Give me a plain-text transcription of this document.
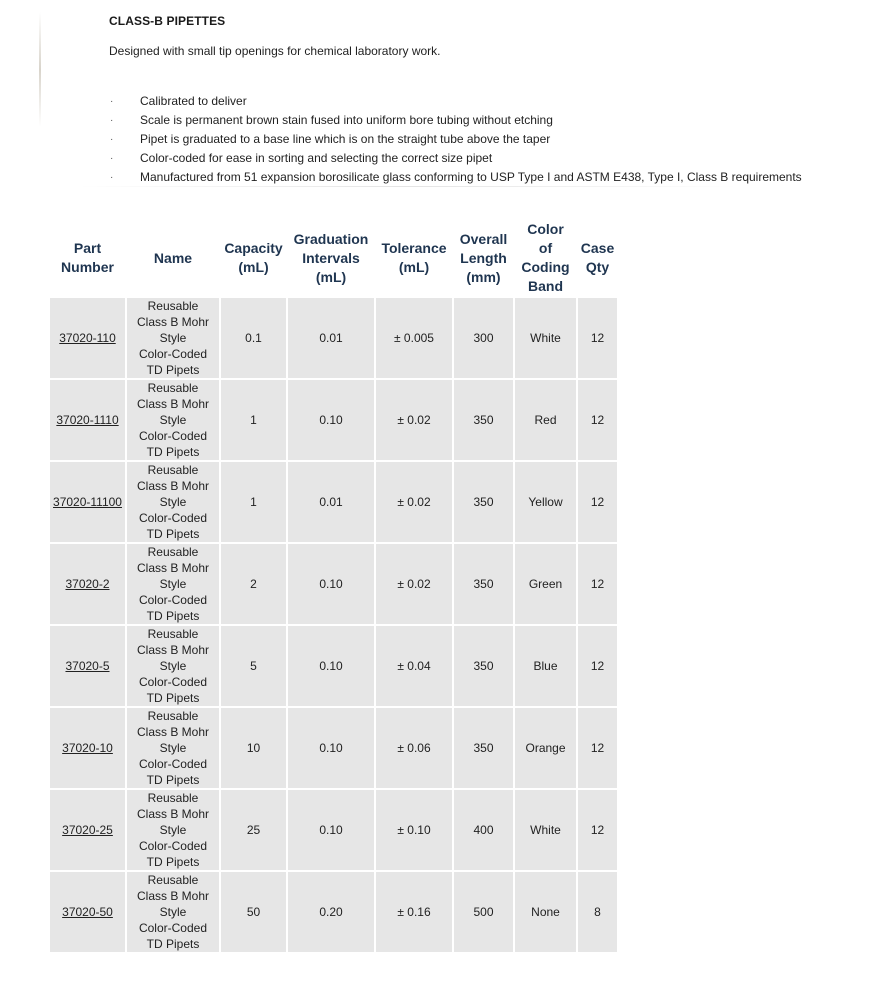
CLASS-B PIPETTES

Designed with small tip openings for chemical laboratory work.

· Calibrated to deliver
· Scale is permanent brown stain fused into uniform bore tubing without etching
· Pipet is graduated to a base line which is on the straight tube above the taper
· Color-coded for ease in sorting and selecting the correct size pipet
· Manufactured from 51 expansion borosilicate glass conforming to USP Type I and ASTM E438, Type I, Class B requirements
Part
Number	Name	Capacity
(mL)	Graduation
Intervals
(mL)	Tolerance
(mL)	Overall
Length
(mm)	Color
of
Coding
Band	Case
Qty
37020-110	Reusable
Class B Mohr
Style
Color-Coded
TD Pipets	0.1	0.01	± 0.005	300	White	12
37020-1110	Reusable
Class B Mohr
Style
Color-Coded
TD Pipets	1	0.10	± 0.02	350	Red	12
37020-11100	Reusable
Class B Mohr
Style
Color-Coded
TD Pipets	1	0.01	± 0.02	350	Yellow	12
37020-2	Reusable
Class B Mohr
Style
Color-Coded
TD Pipets	2	0.10	± 0.02	350	Green	12
37020-5	Reusable
Class B Mohr
Style
Color-Coded
TD Pipets	5	0.10	± 0.04	350	Blue	12
37020-10	Reusable
Class B Mohr
Style
Color-Coded
TD Pipets	10	0.10	± 0.06	350	Orange	12
37020-25	Reusable
Class B Mohr
Style
Color-Coded
TD Pipets	25	0.10	± 0.10	400	White	12
37020-50	Reusable
Class B Mohr
Style
Color-Coded
TD Pipets	50	0.20	± 0.16	500	None	8
